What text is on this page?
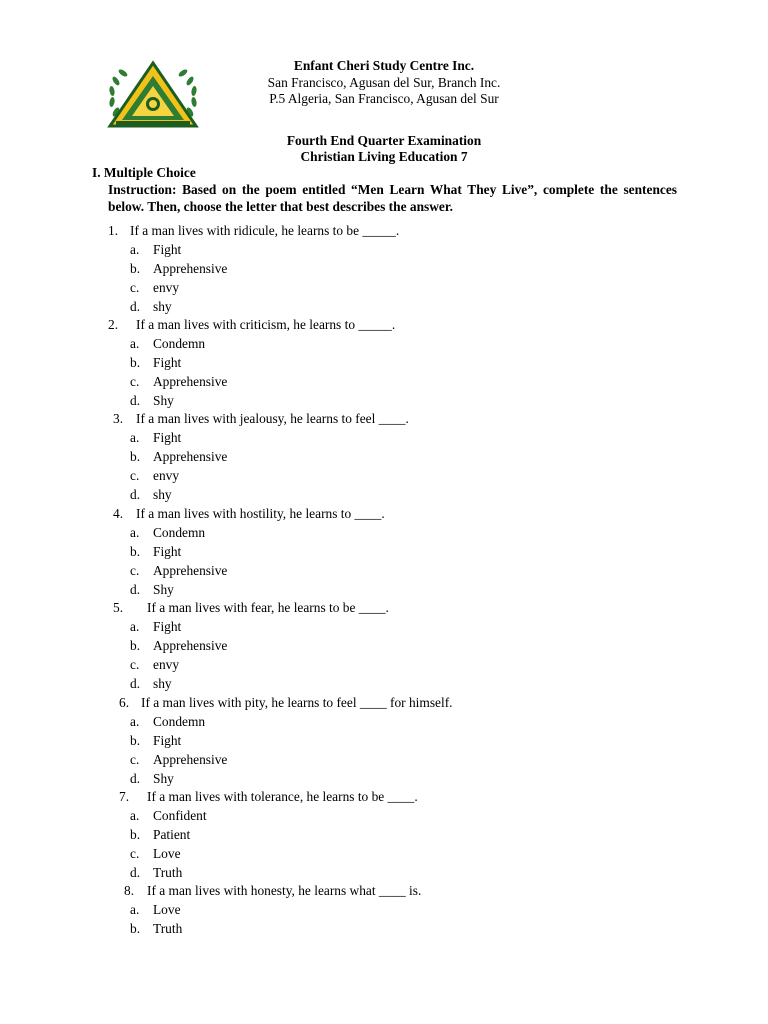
Enfant Cheri Study Centre Inc.
San Francisco, Agusan del Sur, Branch Inc.
P.5 Algeria, San Francisco, Agusan del Sur
Fourth End Quarter Examination
Christian Living Education 7
I. Multiple Choice
Instruction: Based on the poem entitled “Men Learn What They Live”, complete the sentences below. Then, choose the letter that best describes the answer.
1. If a man lives with ridicule, he learns to be _____.
a. Fight
b. Apprehensive
c. envy
d. shy
2. If a man lives with criticism, he learns to _____.
a. Condemn
b. Fight
c. Apprehensive
d. Shy
3. If a man lives with jealousy, he learns to feel ____.
a. Fight
b. Apprehensive
c. envy
d. shy
4. If a man lives with hostility, he learns to ____.
a. Condemn
b. Fight
c. Apprehensive
d. Shy
5. If a man lives with fear, he learns to be ____.
a. Fight
b. Apprehensive
c. envy
d. shy
6. If a man lives with pity, he learns to feel ____ for himself.
a. Condemn
b. Fight
c. Apprehensive
d. Shy
7. If a man lives with tolerance, he learns to be ____.
a. Confident
b. Patient
c. Love
d. Truth
8. If a man lives with honesty, he learns what ____ is.
a. Love
b. Truth
